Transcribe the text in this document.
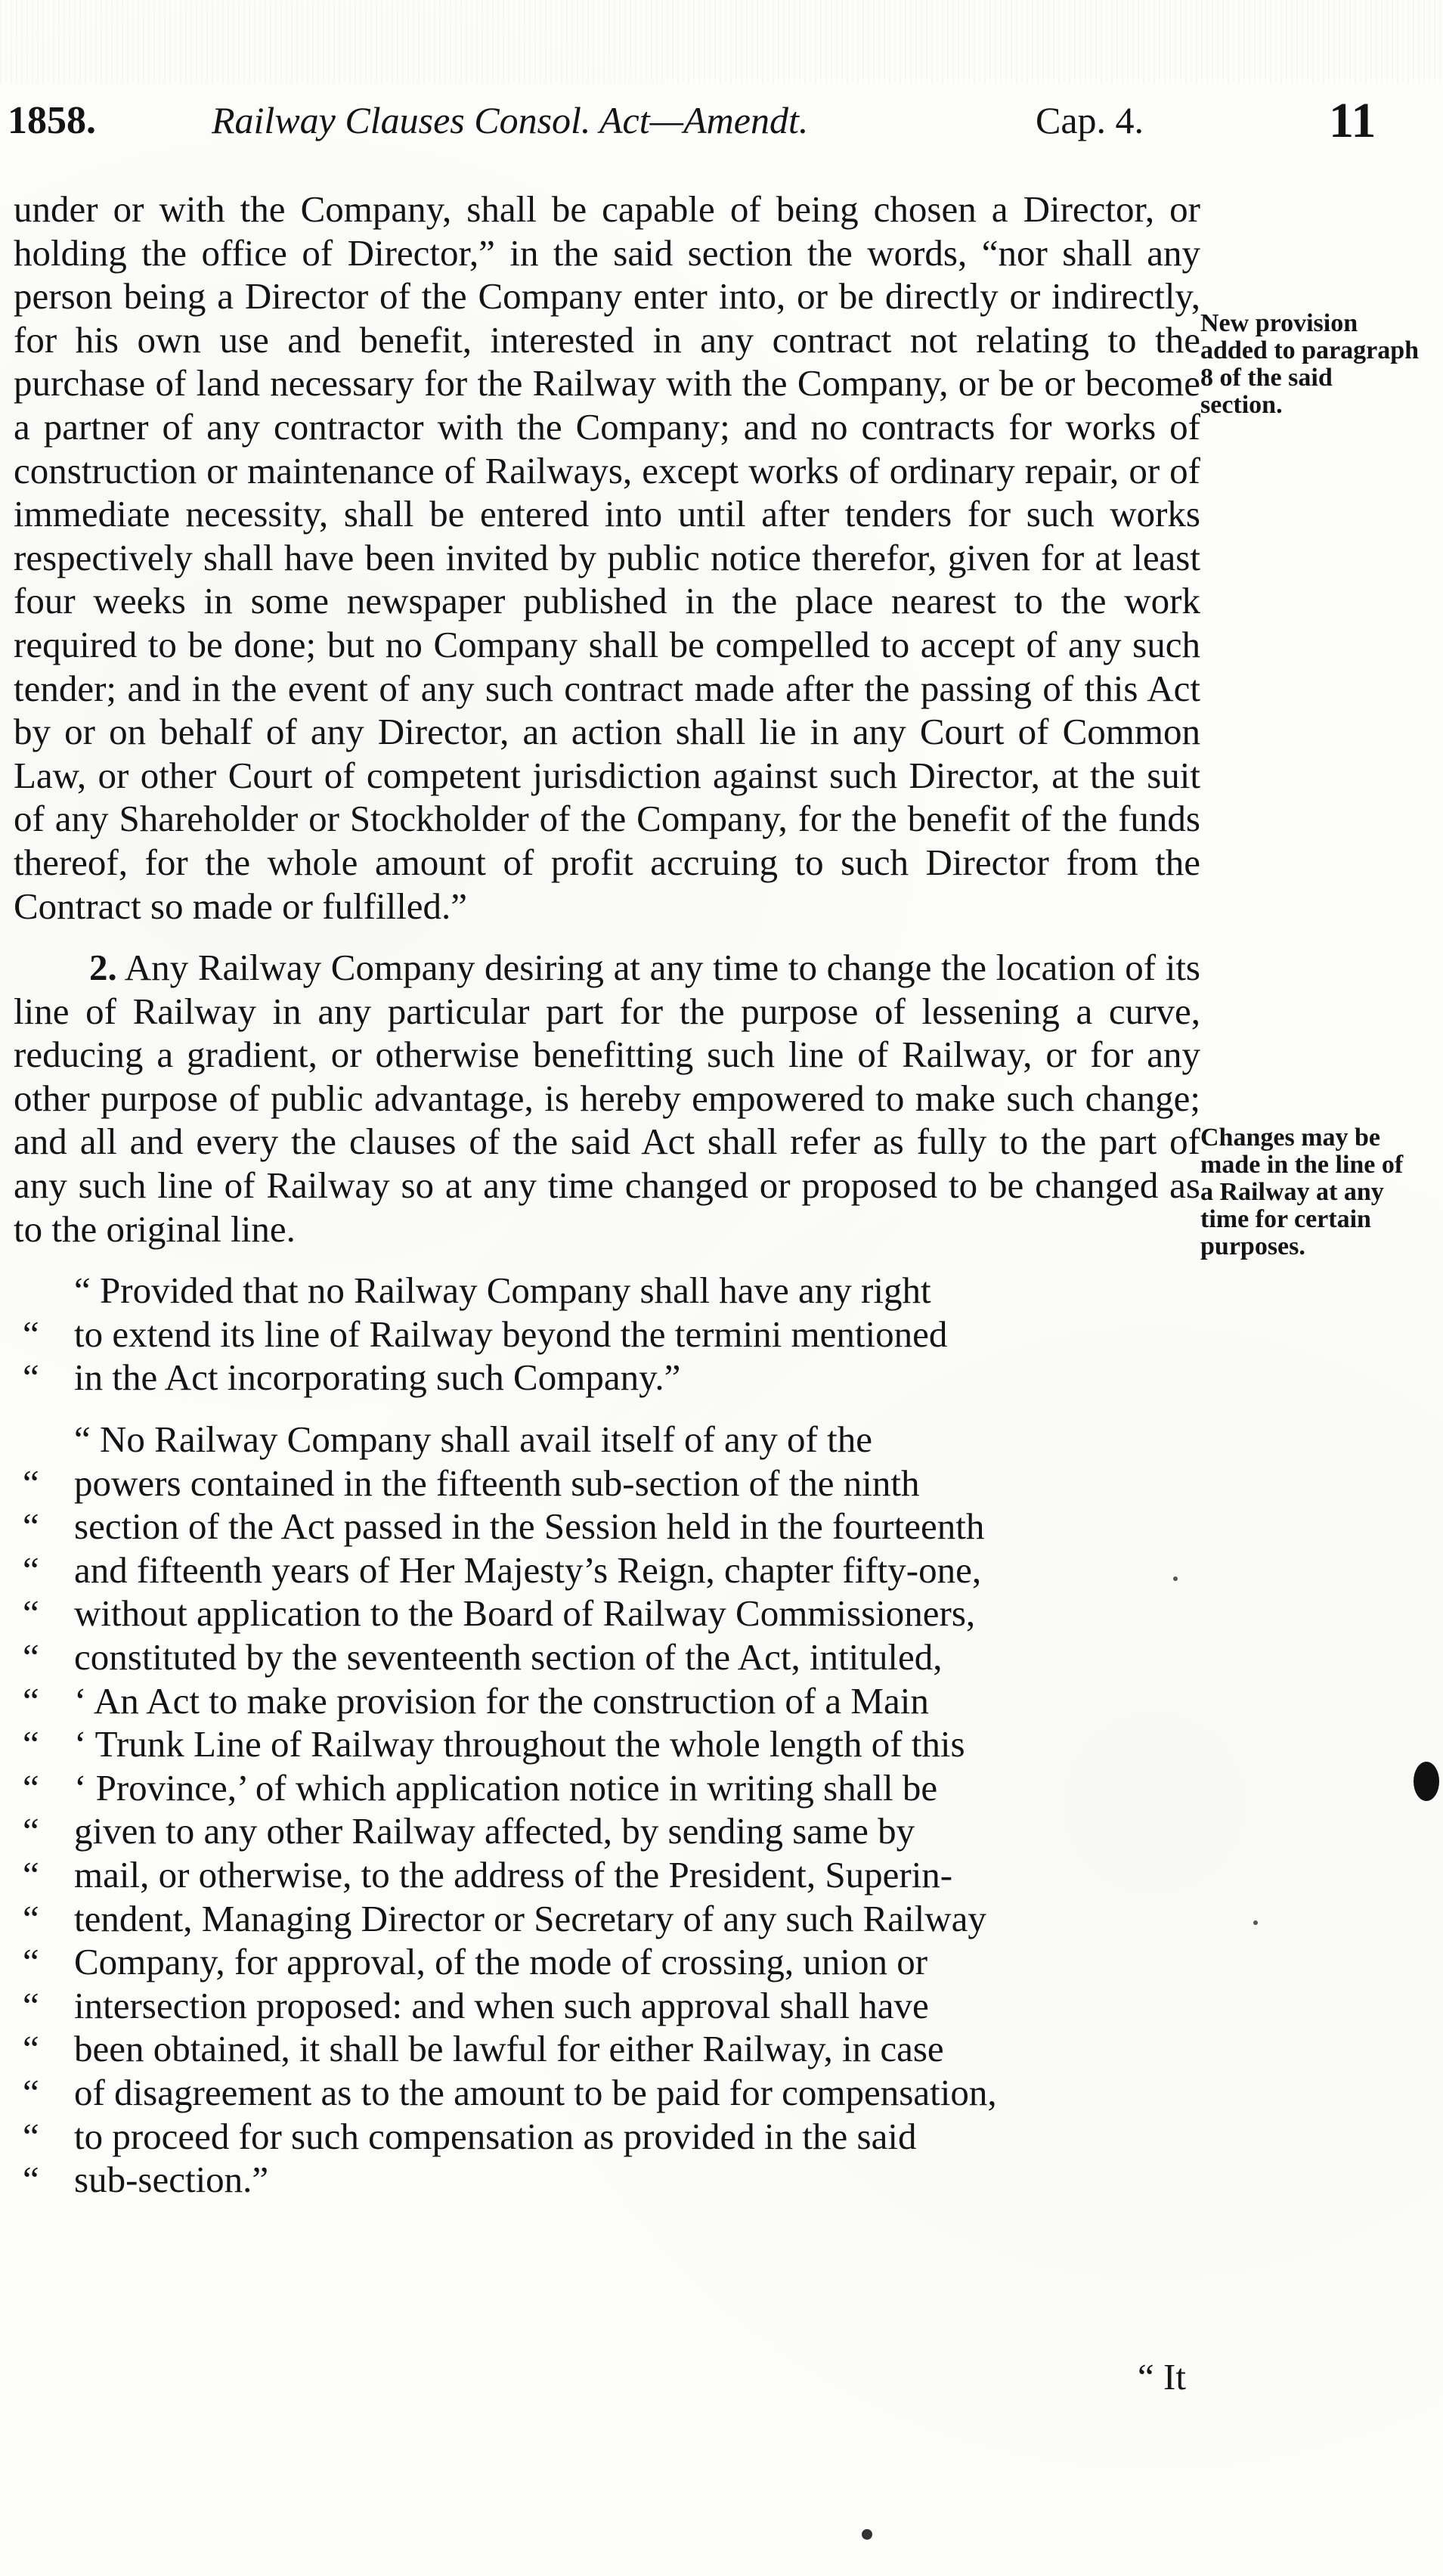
1858.	Railway Clauses Consol. Act—Amendt.	Cap. 4.	11

under or with the Company, shall be capable of being chosen a Director, or holding the office of Director,” in the said section the words, “nor shall any person being a Director of the Company enter into, or be directly or indirectly, for his own use and benefit, interested in any contract not relating to the purchase of land necessary for the Railway with the Company, or be or become a partner of any contractor with the Company; and no contracts for works of construction or maintenance of Railways, except works of ordinary repair, or of immediate necessity, shall be entered into until after tenders for such works respectively shall have been invited by public notice therefor, given for at least four weeks in some newspaper published in the place nearest to the work required to be done; but no Company shall be compelled to accept of any such tender; and in the event of any such contract made after the passing of this Act by or on behalf of any Director, an action shall lie in any Court of Common Law, or other Court of competent jurisdiction against such Director, at the suit of any Shareholder or Stockholder of the Company, for the benefit of the funds thereof, for the whole amount of profit accruing to such Director from the Contract so made or fulfilled.”

2. Any Railway Company desiring at any time to change the location of its line of Railway in any particular part for the purpose of lessening a curve, reducing a gradient, or otherwise benefitting such line of Railway, or for any other purpose of public advantage, is hereby empowered to make such change; and all and every the clauses of the said Act shall refer as fully to the part of any such line of Railway so at any time changed or proposed to be changed as to the original line.

“ Provided that no Railway Company shall have any right

“ to extend its line of Railway beyond the termini mentioned

“ in the Act incorporating such Company.”

“ No Railway Company shall avail itself of any of the

“ powers contained in the fifteenth sub-section of the ninth

“ section of the Act passed in the Session held in the fourteenth

“ and fifteenth years of Her Majesty’s Reign, chapter fifty-one,

“ without application to the Board of Railway Commissioners,

“ constituted by the seventeenth section of the Act, intituled,

“ ‘ An Act to make provision for the construction of a Main

“ ‘ Trunk Line of Railway throughout the whole length of this

“ ‘ Province,’ of which application notice in writing shall be

“ given to any other Railway affected, by sending same by

“ mail, or otherwise, to the address of the President, Superin-

“ tendent, Managing Director or Secretary of any such Railway

“ Company, for approval, of the mode of crossing, union or

“ intersection proposed: and when such approval shall have

“ been obtained, it shall be lawful for either Railway, in case

“ of disagreement as to the amount to be paid for compensation,

“ to proceed for such compensation as provided in the said

“ sub-section.”

New provision added to paragraph 8 of the said section.
Changes may be made in the line of a Railway at any time for certain purposes.
“ It
